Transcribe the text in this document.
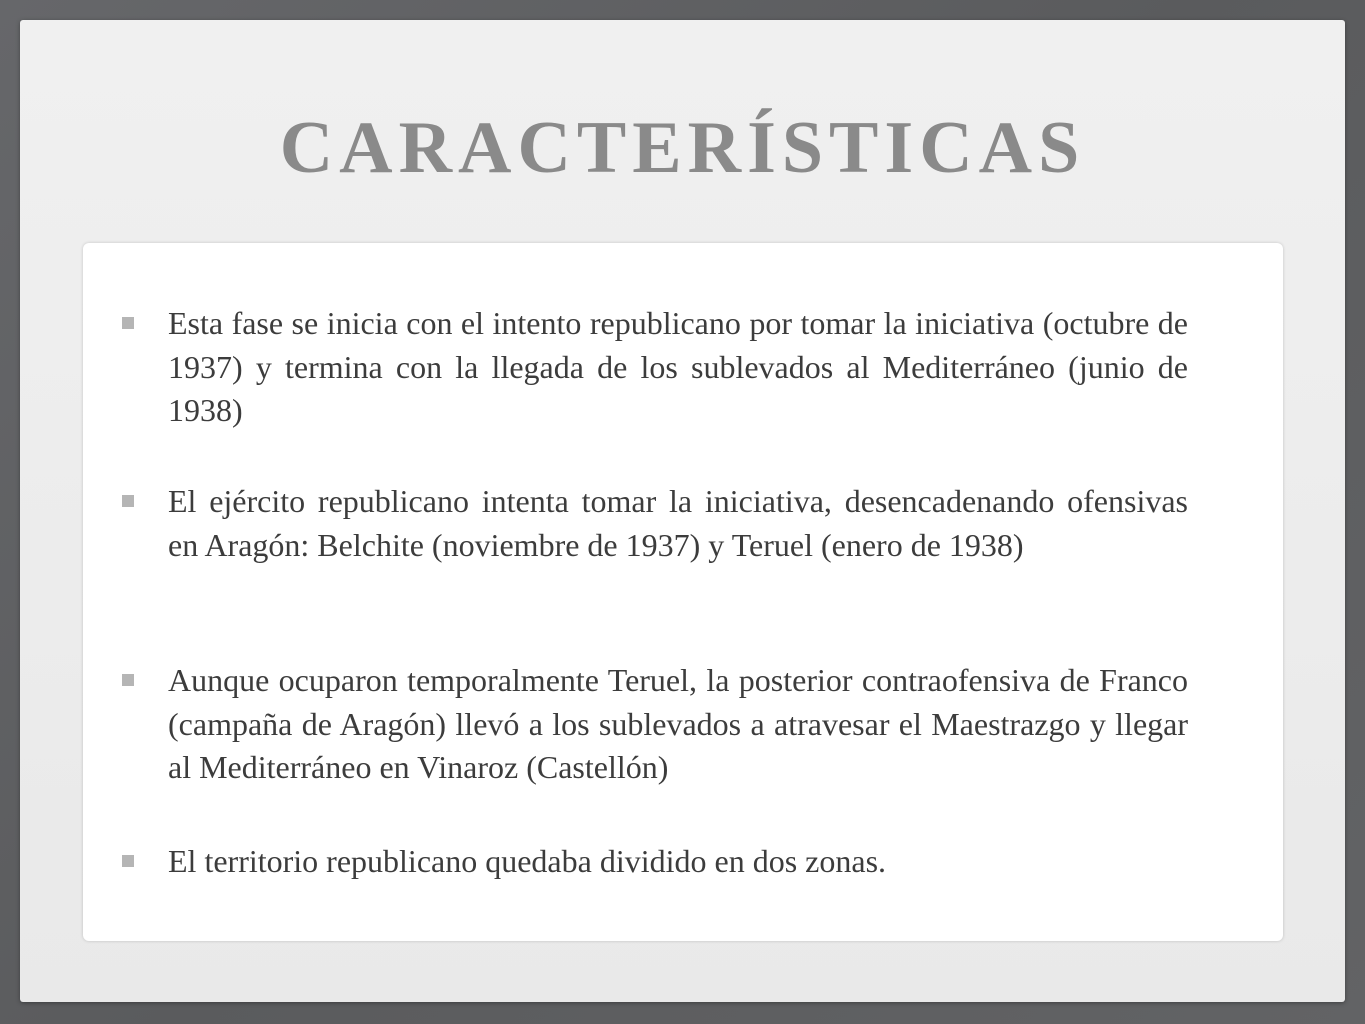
CARACTERÍSTICAS
Esta fase se inicia con el intento republicano por tomar la iniciativa (octubre de 1937) y termina con la llegada de los sublevados al Mediterráneo (junio de 1938)
El ejército republicano intenta tomar la iniciativa, desencadenando ofensivas en Aragón: Belchite (noviembre de 1937) y Teruel (enero de 1938)
Aunque ocuparon temporalmente Teruel, la posterior contraofensiva de Franco (campaña de Aragón) llevó a los sublevados a atravesar el Maestrazgo y llegar al Mediterráneo en Vinaroz (Castellón)
El territorio republicano quedaba dividido en dos zonas.
